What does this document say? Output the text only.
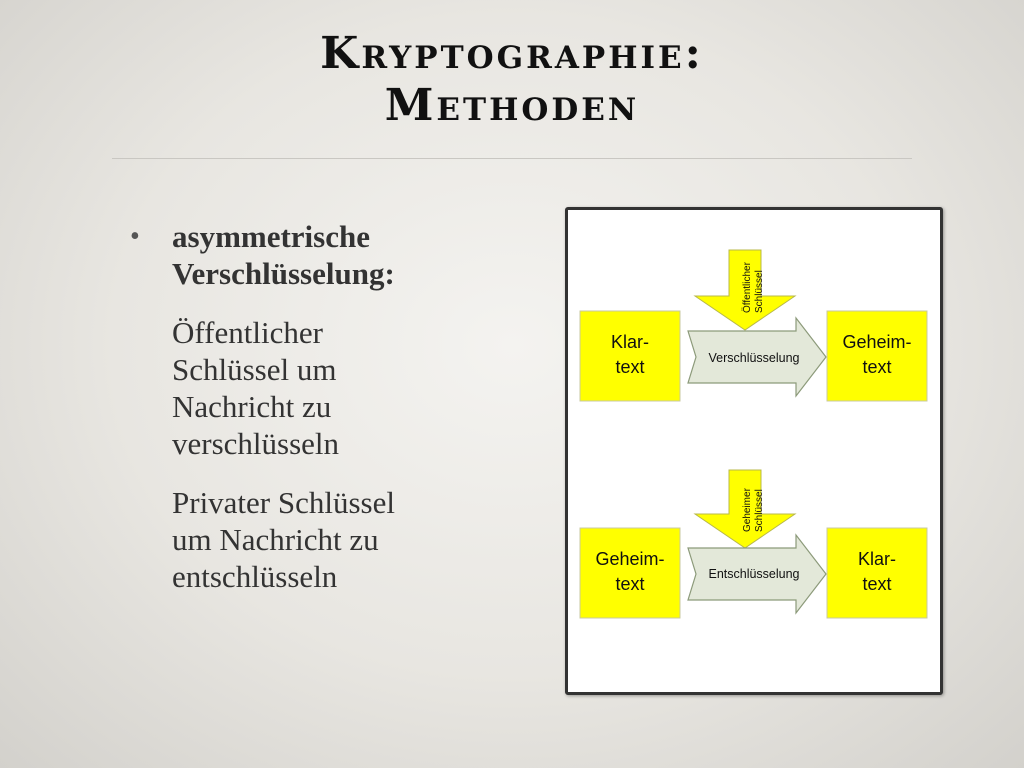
Kryptographie:
Methoden
•	asymmetrische
Verschlüsselung:
Öffentlicher
Schlüssel um
Nachricht zu
verschlüsseln
Privater Schlüssel
um Nachricht zu
entschlüsseln
Öffentlicher Schlüssel
Klar-
text	Verschlüsselung
Geheim-
text
Geheimer Schlüssel
Geheim-
text	Entschlüsselung
Klar-
text
